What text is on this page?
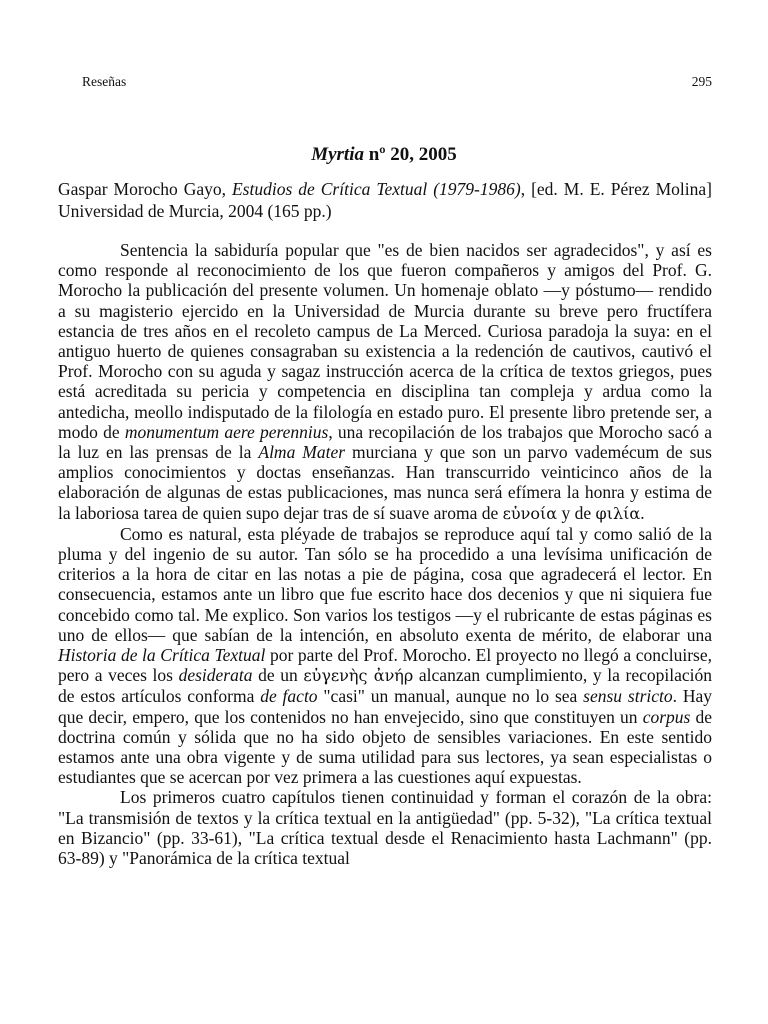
Reseñas	295
Myrtia nº 20, 2005
Gaspar Morocho Gayo, Estudios de Crítica Textual (1979-1986), [ed. M. E. Pérez Molina] Universidad de Murcia, 2004 (165 pp.)

Sentencia la sabiduría popular que "es de bien nacidos ser agradecidos", y así es como responde al reconocimiento de los que fueron compañeros y amigos del Prof. G. Morocho la publicación del presente volumen. Un homenaje oblato —y póstumo— rendido a su magisterio ejercido en la Universidad de Murcia durante su breve pero fructífera estancia de tres años en el recoleto campus de La Merced. Curiosa paradoja la suya: en el antiguo huerto de quienes consagraban su existencia a la redención de cautivos, cautivó el Prof. Morocho con su aguda y sagaz instrucción acerca de la crítica de textos griegos, pues está acreditada su pericia y competencia en disciplina tan compleja y ardua como la antedicha, meollo indisputado de la filología en estado puro. El presente libro pretende ser, a modo de monumentum aere perennius, una recopilación de los trabajos que Morocho sacó a la luz en las prensas de la Alma Mater murciana y que son un parvo vademécum de sus amplios conocimientos y doctas enseñanzas. Han transcurrido veinticinco años de la elaboración de algunas de estas publicaciones, mas nunca será efímera la honra y estima de la laboriosa tarea de quien supo dejar tras de sí suave aroma de εὐνοία y de φιλία.

Como es natural, esta pléyade de trabajos se reproduce aquí tal y como salió de la pluma y del ingenio de su autor. Tan sólo se ha procedido a una levísima unificación de criterios a la hora de citar en las notas a pie de página, cosa que agradecerá el lector. En consecuencia, estamos ante un libro que fue escrito hace dos decenios y que ni siquiera fue concebido como tal. Me explico. Son varios los testigos —y el rubricante de estas páginas es uno de ellos— que sabían de la intención, en absoluto exenta de mérito, de elaborar una Historia de la Crítica Textual por parte del Prof. Morocho. El proyecto no llegó a concluirse, pero a veces los desiderata de un εὐγενὴς ἀνήρ alcanzan cumplimiento, y la recopilación de estos artículos conforma de facto "casi" un manual, aunque no lo sea sensu stricto. Hay que decir, empero, que los contenidos no han envejecido, sino que constituyen un corpus de doctrina común y sólida que no ha sido objeto de sensibles variaciones. En este sentido estamos ante una obra vigente y de suma utilidad para sus lectores, ya sean especialistas o estudiantes que se acercan por vez primera a las cuestiones aquí expuestas.

Los primeros cuatro capítulos tienen continuidad y forman el corazón de la obra: "La transmisión de textos y la crítica textual en la antigüedad" (pp. 5-32), "La crítica textual en Bizancio" (pp. 33-61), "La crítica textual desde el Renacimiento hasta Lachmann" (pp. 63-89) y "Panorámica de la crítica textual
